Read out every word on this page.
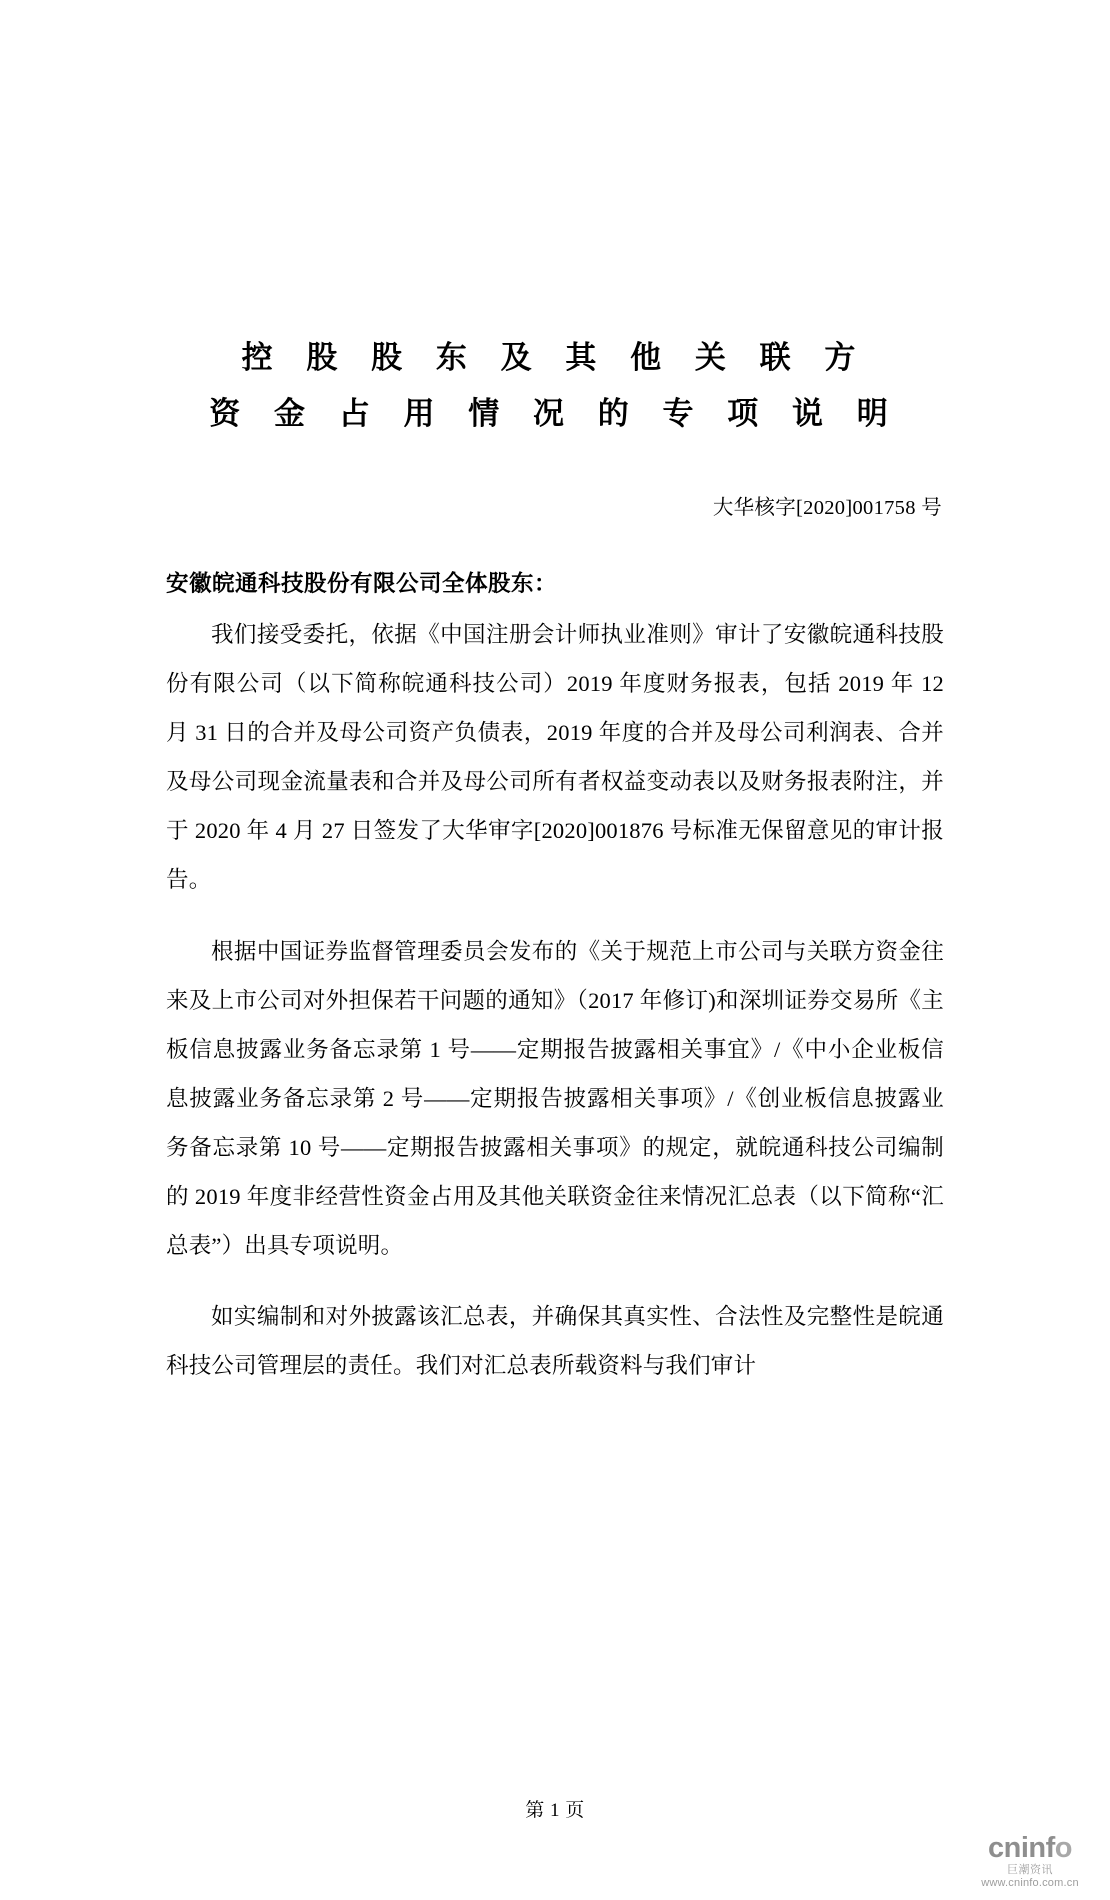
控 股 股 东 及 其 他 关 联 方
资 金 占 用 情 况 的 专 项 说 明
大华核字[2020]001758 号
安徽皖通科技股份有限公司全体股东：

我们接受委托，依据《中国注册会计师执业准则》审计了安徽皖通科技股份有限公司（以下简称皖通科技公司）2019 年度财务报表，包括 2019 年 12 月 31 日的合并及母公司资产负债表，2019 年度的合并及母公司利润表、合并及母公司现金流量表和合并及母公司所有者权益变动表以及财务报表附注，并于 2020 年 4 月 27 日签发了大华审字[2020]001876 号标准无保留意见的审计报告。

根据中国证券监督管理委员会发布的《关于规范上市公司与关联方资金往来及上市公司对外担保若干问题的通知》（2017 年修订)和深圳证券交易所《主板信息披露业务备忘录第 1 号——定期报告披露相关事宜》/《中小企业板信息披露业务备忘录第 2 号——定期报告披露相关事项》/《创业板信息披露业务备忘录第 10 号——定期报告披露相关事项》的规定，就皖通科技公司编制的 2019 年度非经营性资金占用及其他关联资金往来情况汇总表（以下简称“汇总表”）出具专项说明。

如实编制和对外披露该汇总表，并确保其真实性、合法性及完整性是皖通科技公司管理层的责任。我们对汇总表所载资料与我们审计

第 1 页
cninfo
巨潮资讯
www.cninfo.com.cn
